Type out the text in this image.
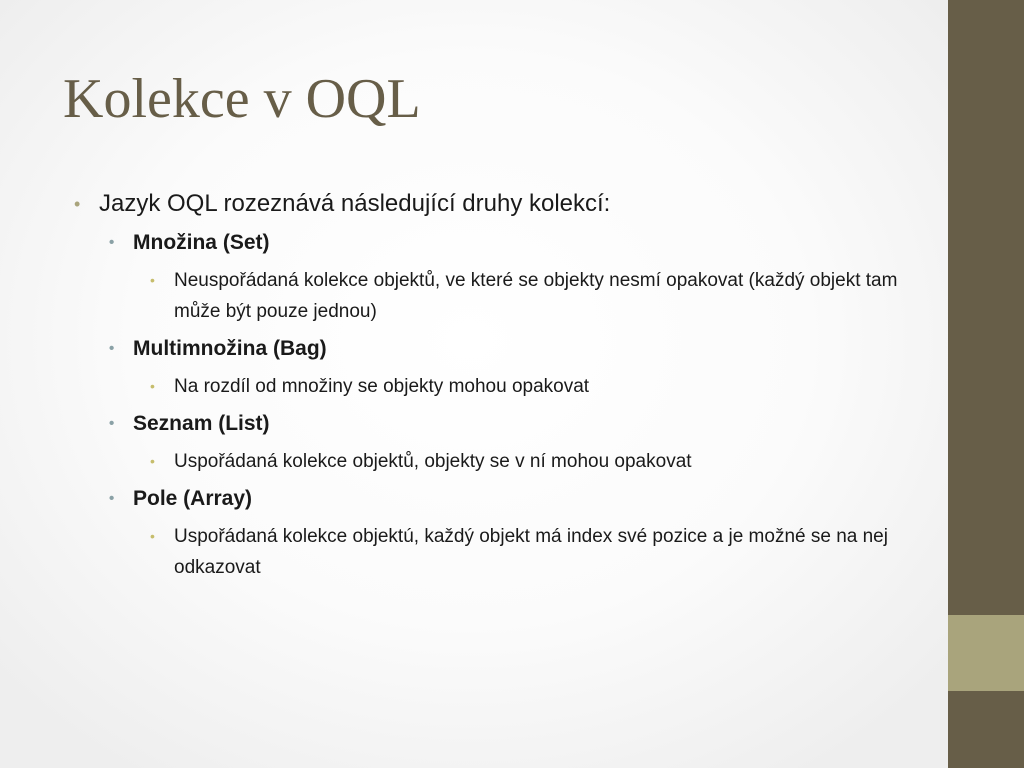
Kolekce v OQL
• Jazyk OQL rozeznává následující druhy kolekcí:
• Množina (Set)
• Neuspořádaná kolekce objektů, ve které se objekty nesmí opakovat (každý objekt tam může být pouze jednou)
• Multimnožina (Bag)
• Na rozdíl od množiny se objekty mohou opakovat
• Seznam (List)
• Uspořádaná kolekce objektů, objekty se v ní mohou opakovat
• Pole (Array)
• Uspořádaná kolekce objektú, každý objekt má index své pozice a je možné se na nej odkazovat
